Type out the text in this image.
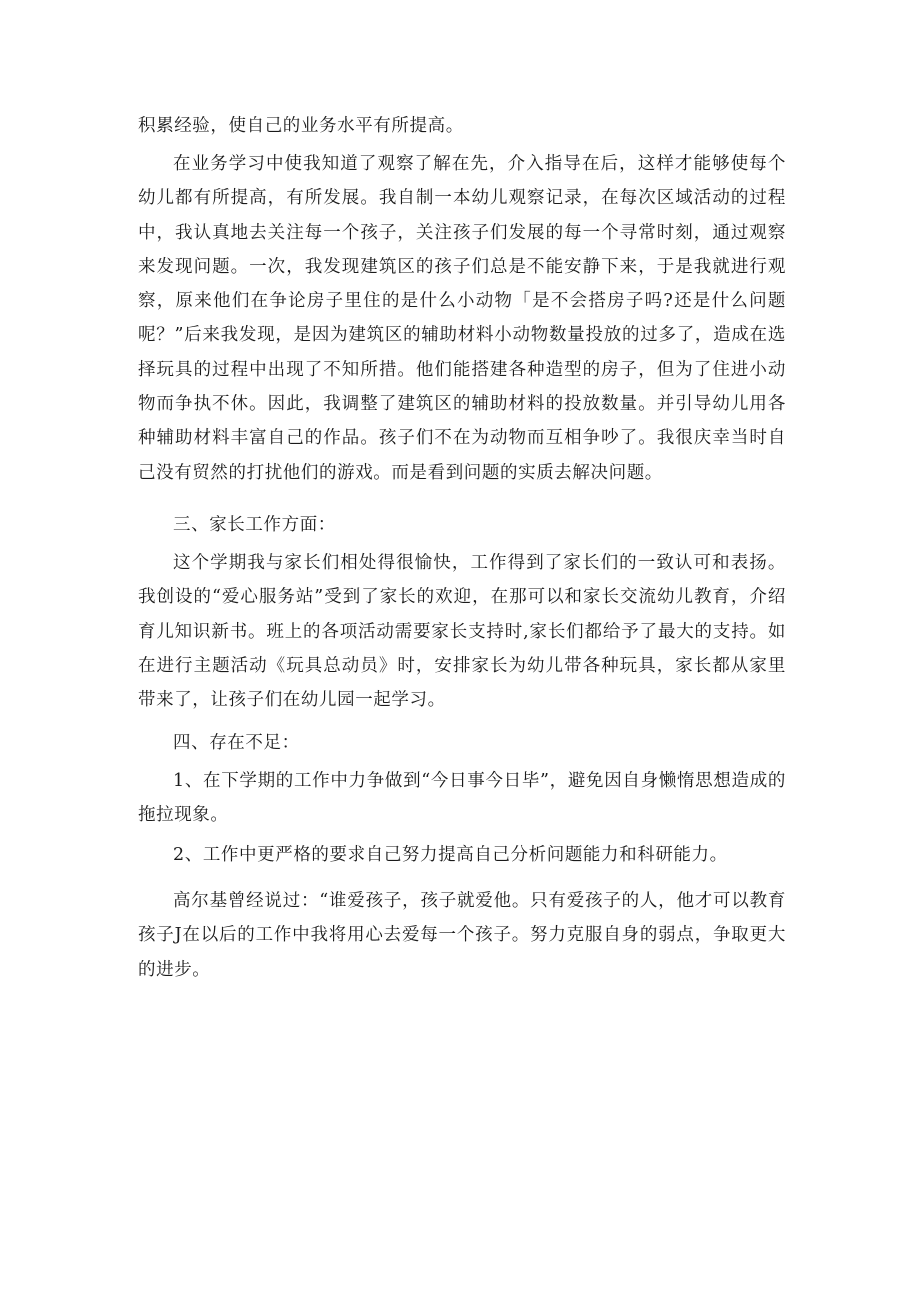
积累经验，使自己的业务水平有所提高。

在业务学习中使我知道了观察了解在先，介入指导在后，这样才能够使每个幼儿都有所提高，有所发展。我自制一本幼儿观察记录，在每次区域活动的过程中，我认真地去关注每一个孩子，关注孩子们发展的每一个寻常时刻，通过观察来发现问题。一次，我发现建筑区的孩子们总是不能安静下来，于是我就进行观察，原来他们在争论房子里住的是什么小动物「是不会搭房子吗?还是什么问题呢？”后来我发现，是因为建筑区的辅助材料小动物数量投放的过多了，造成在选择玩具的过程中出现了不知所措。他们能搭建各种造型的房子，但为了住进小动物而争执不休。因此，我调整了建筑区的辅助材料的投放数量。并引导幼儿用各种辅助材料丰富自己的作品。孩子们不在为动物而互相争吵了。我很庆幸当时自己没有贸然的打扰他们的游戏。而是看到问题的实质去解决问题。

三、家长工作方面：

这个学期我与家长们相处得很愉快，工作得到了家长们的一致认可和表扬。我创设的“爱心服务站”受到了家长的欢迎，在那可以和家长交流幼儿教育，介绍育儿知识新书。班上的各项活动需要家长支持时,家长们都给予了最大的支持。如在进行主题活动《玩具总动员》时，安排家长为幼儿带各种玩具，家长都从家里带来了，让孩子们在幼儿园一起学习。

四、存在不足：

1、在下学期的工作中力争做到“今日事今日毕”，避免因自身懒惰思想造成的拖拉现象。

2、工作中更严格的要求自己努力提高自己分析问题能力和科研能力。

高尔基曾经说过：“谁爱孩子，孩子就爱他。只有爱孩子的人，他才可以教育孩子J在以后的工作中我将用心去爱每一个孩子。努力克服自身的弱点，争取更大的进步。
